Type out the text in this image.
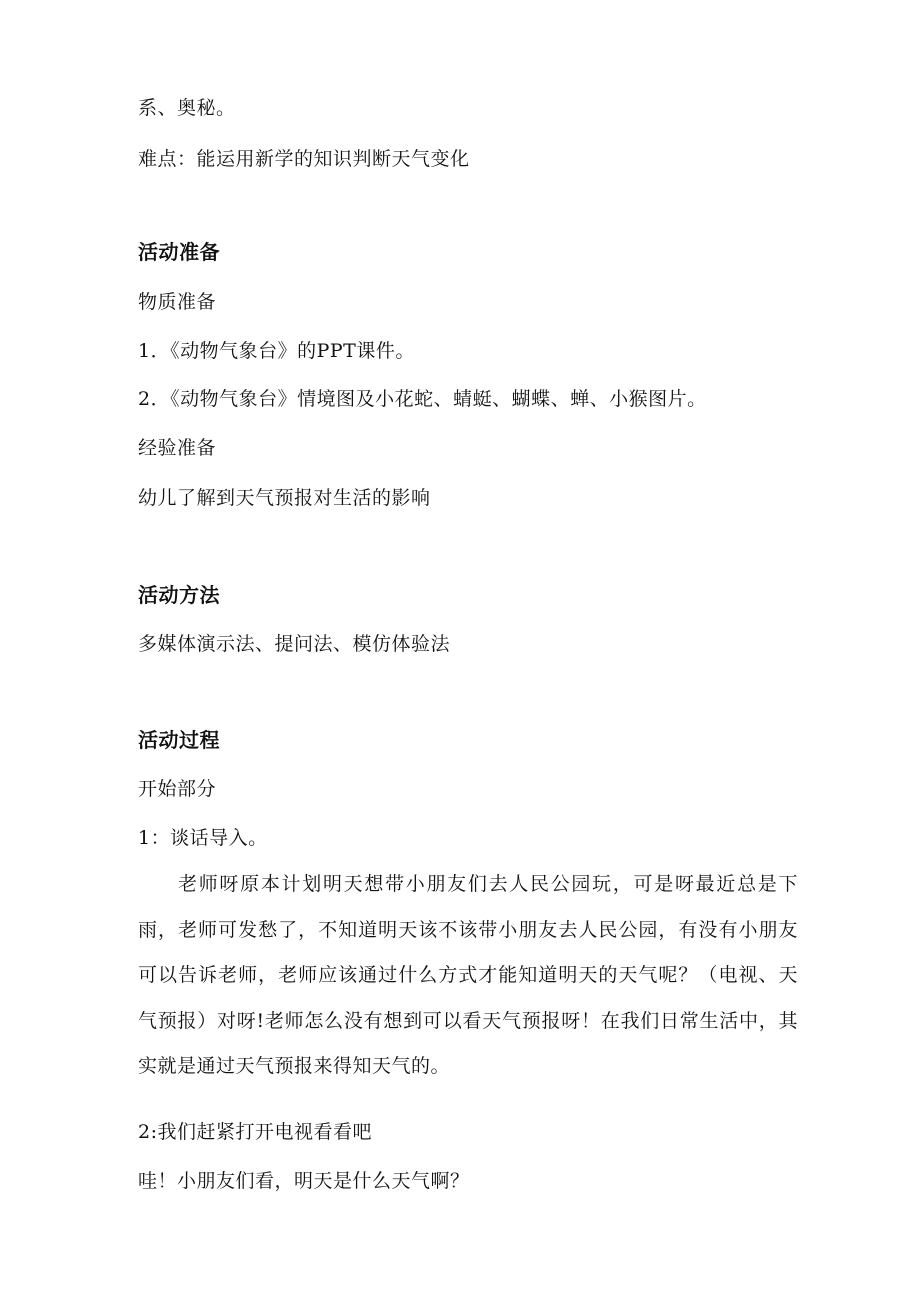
系、奥秘。
难点：能运用新学的知识判断天气变化
活动准备
物质准备
1．《动物气象台》的PPT课件。
2．《动物气象台》情境图及小花蛇、蜻蜓、蝴蝶、蝉、小猴图片。
经验准备
幼儿了解到天气预报对生活的影响
活动方法
多媒体演示法、提问法、模仿体验法
活动过程
开始部分
1：谈话导入。
老师呀原本计划明天想带小朋友们去人民公园玩，可是呀最近总是下雨，老师可发愁了，不知道明天该不该带小朋友去人民公园，有没有小朋友可以告诉老师，老师应该通过什么方式才能知道明天的天气呢？（电视、天气预报）对呀!老师怎么没有想到可以看天气预报呀！在我们日常生活中，其实就是通过天气预报来得知天气的。
2:我们赶紧打开电视看看吧
哇！小朋友们看，明天是什么天气啊？
